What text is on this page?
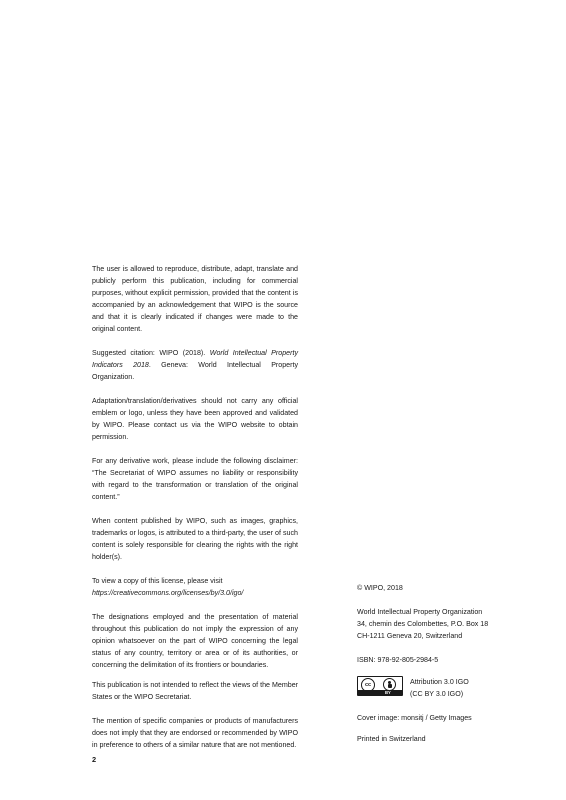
The user is allowed to reproduce, distribute, adapt, translate and publicly perform this publication, including for commercial purposes, without explicit permission, provided that the content is accompanied by an acknowledgement that WIPO is the source and that it is clearly indicated if changes were made to the original content.

Suggested citation: WIPO (2018). World Intellectual Property Indicators 2018. Geneva: World Intellectual Property Organization.

Adaptation/translation/derivatives should not carry any official emblem or logo, unless they have been approved and validated by WIPO. Please contact us via the WIPO website to obtain permission.

For any derivative work, please include the following disclaimer: “The Secretariat of WIPO assumes no liability or responsibility with regard to the transformation or translation of the original content.”

When content published by WIPO, such as images, graphics, trademarks or logos, is attributed to a third-party, the user of such content is solely responsible for clearing the rights with the right holder(s).

To view a copy of this license, please visit
https://creativecommons.org/licenses/by/3.0/igo/

The designations employed and the presentation of material throughout this publication do not imply the expression of any opinion whatsoever on the part of WIPO concerning the legal status of any country, territory or area or of its authorities, or concerning the delimitation of its frontiers or boundaries.

This publication is not intended to reflect the views of the Member States or the WIPO Secretariat.

The mention of specific companies or products of manufacturers does not imply that they are endorsed or recommended by WIPO in preference to others of a similar nature that are not mentioned.

© WIPO, 2018

World Intellectual Property Organization

34, chemin des Colombettes, P.O. Box 18

CH-1211 Geneva 20, Switzerland

ISBN: 978-92-805-2984-5

cc
BY
Attribution 3.0 IGO
(CC BY 3.0 IGO)
Cover image: monsitj / Getty Images
Printed in Switzerland
2
